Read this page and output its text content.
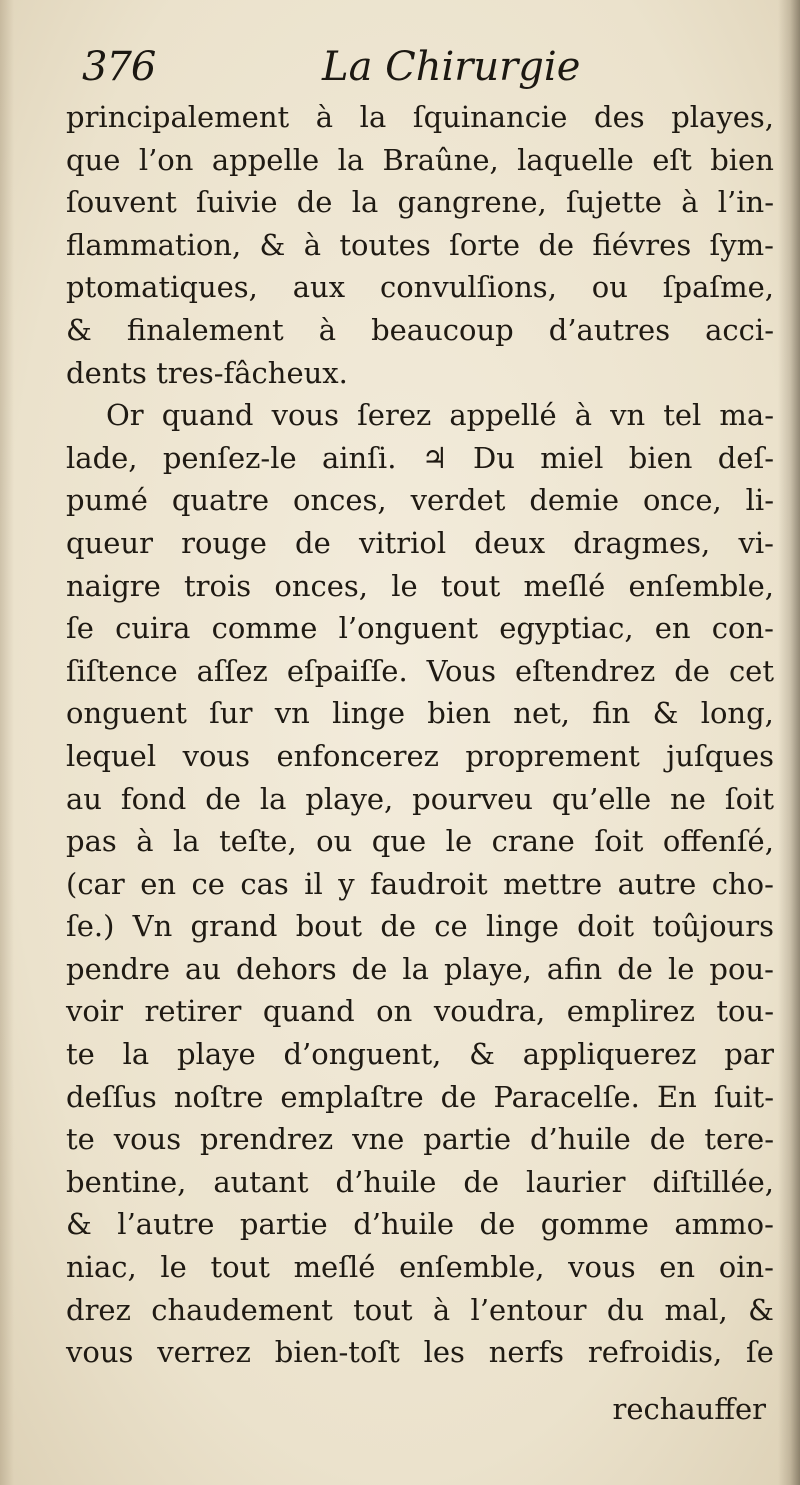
376	La Chirurgie
principalement à la ſquinancie des playes,
que l’on appelle la Braûne, laquelle eſt bien
ſouvent ſuivie de la gangrene, ſujette à l’in-
flammation, & à toutes ſorte de fiévres ſym-
ptomatiques, aux convulſions, ou ſpaſme,
& finalement à beaucoup d’autres acci-
dents tres-fâcheux.
Or quand vous ſerez appellé à vn tel ma-
lade, penſez-le ainſi. ♃ Du miel bien deſ-
pumé quatre onces, verdet demie once, li-
queur rouge de vitriol deux dragmes, vi-
naigre trois onces, le tout meſlé enſemble,
ſe cuira comme l’onguent egyptiac, en con-
ſiſtence aſſez eſpaiſſe. Vous eſtendrez de cet
onguent ſur vn linge bien net, fin & long,
lequel vous enfoncerez proprement juſques
au fond de la playe, pourveu qu’elle ne ſoit
pas à la teſte, ou que le crane ſoit offenſé,
(car en ce cas il y faudroit mettre autre cho-
ſe.) Vn grand bout de ce linge doit toûjours
pendre au dehors de la playe, afin de le pou-
voir retirer quand on voudra, emplirez tou-
te la playe d’onguent, & appliquerez par
deſſus noſtre emplaſtre de Paracelſe. En ſuit-
te vous prendrez vne partie d’huile de tere-
bentine, autant d’huile de laurier diſtillée,
& l’autre partie d’huile de gomme ammo-
niac, le tout meſlé enſemble, vous en oin-
drez chaudement tout à l’entour du mal, &
vous verrez bien-toſt les nerfs refroidis, ſe
rechauffer
